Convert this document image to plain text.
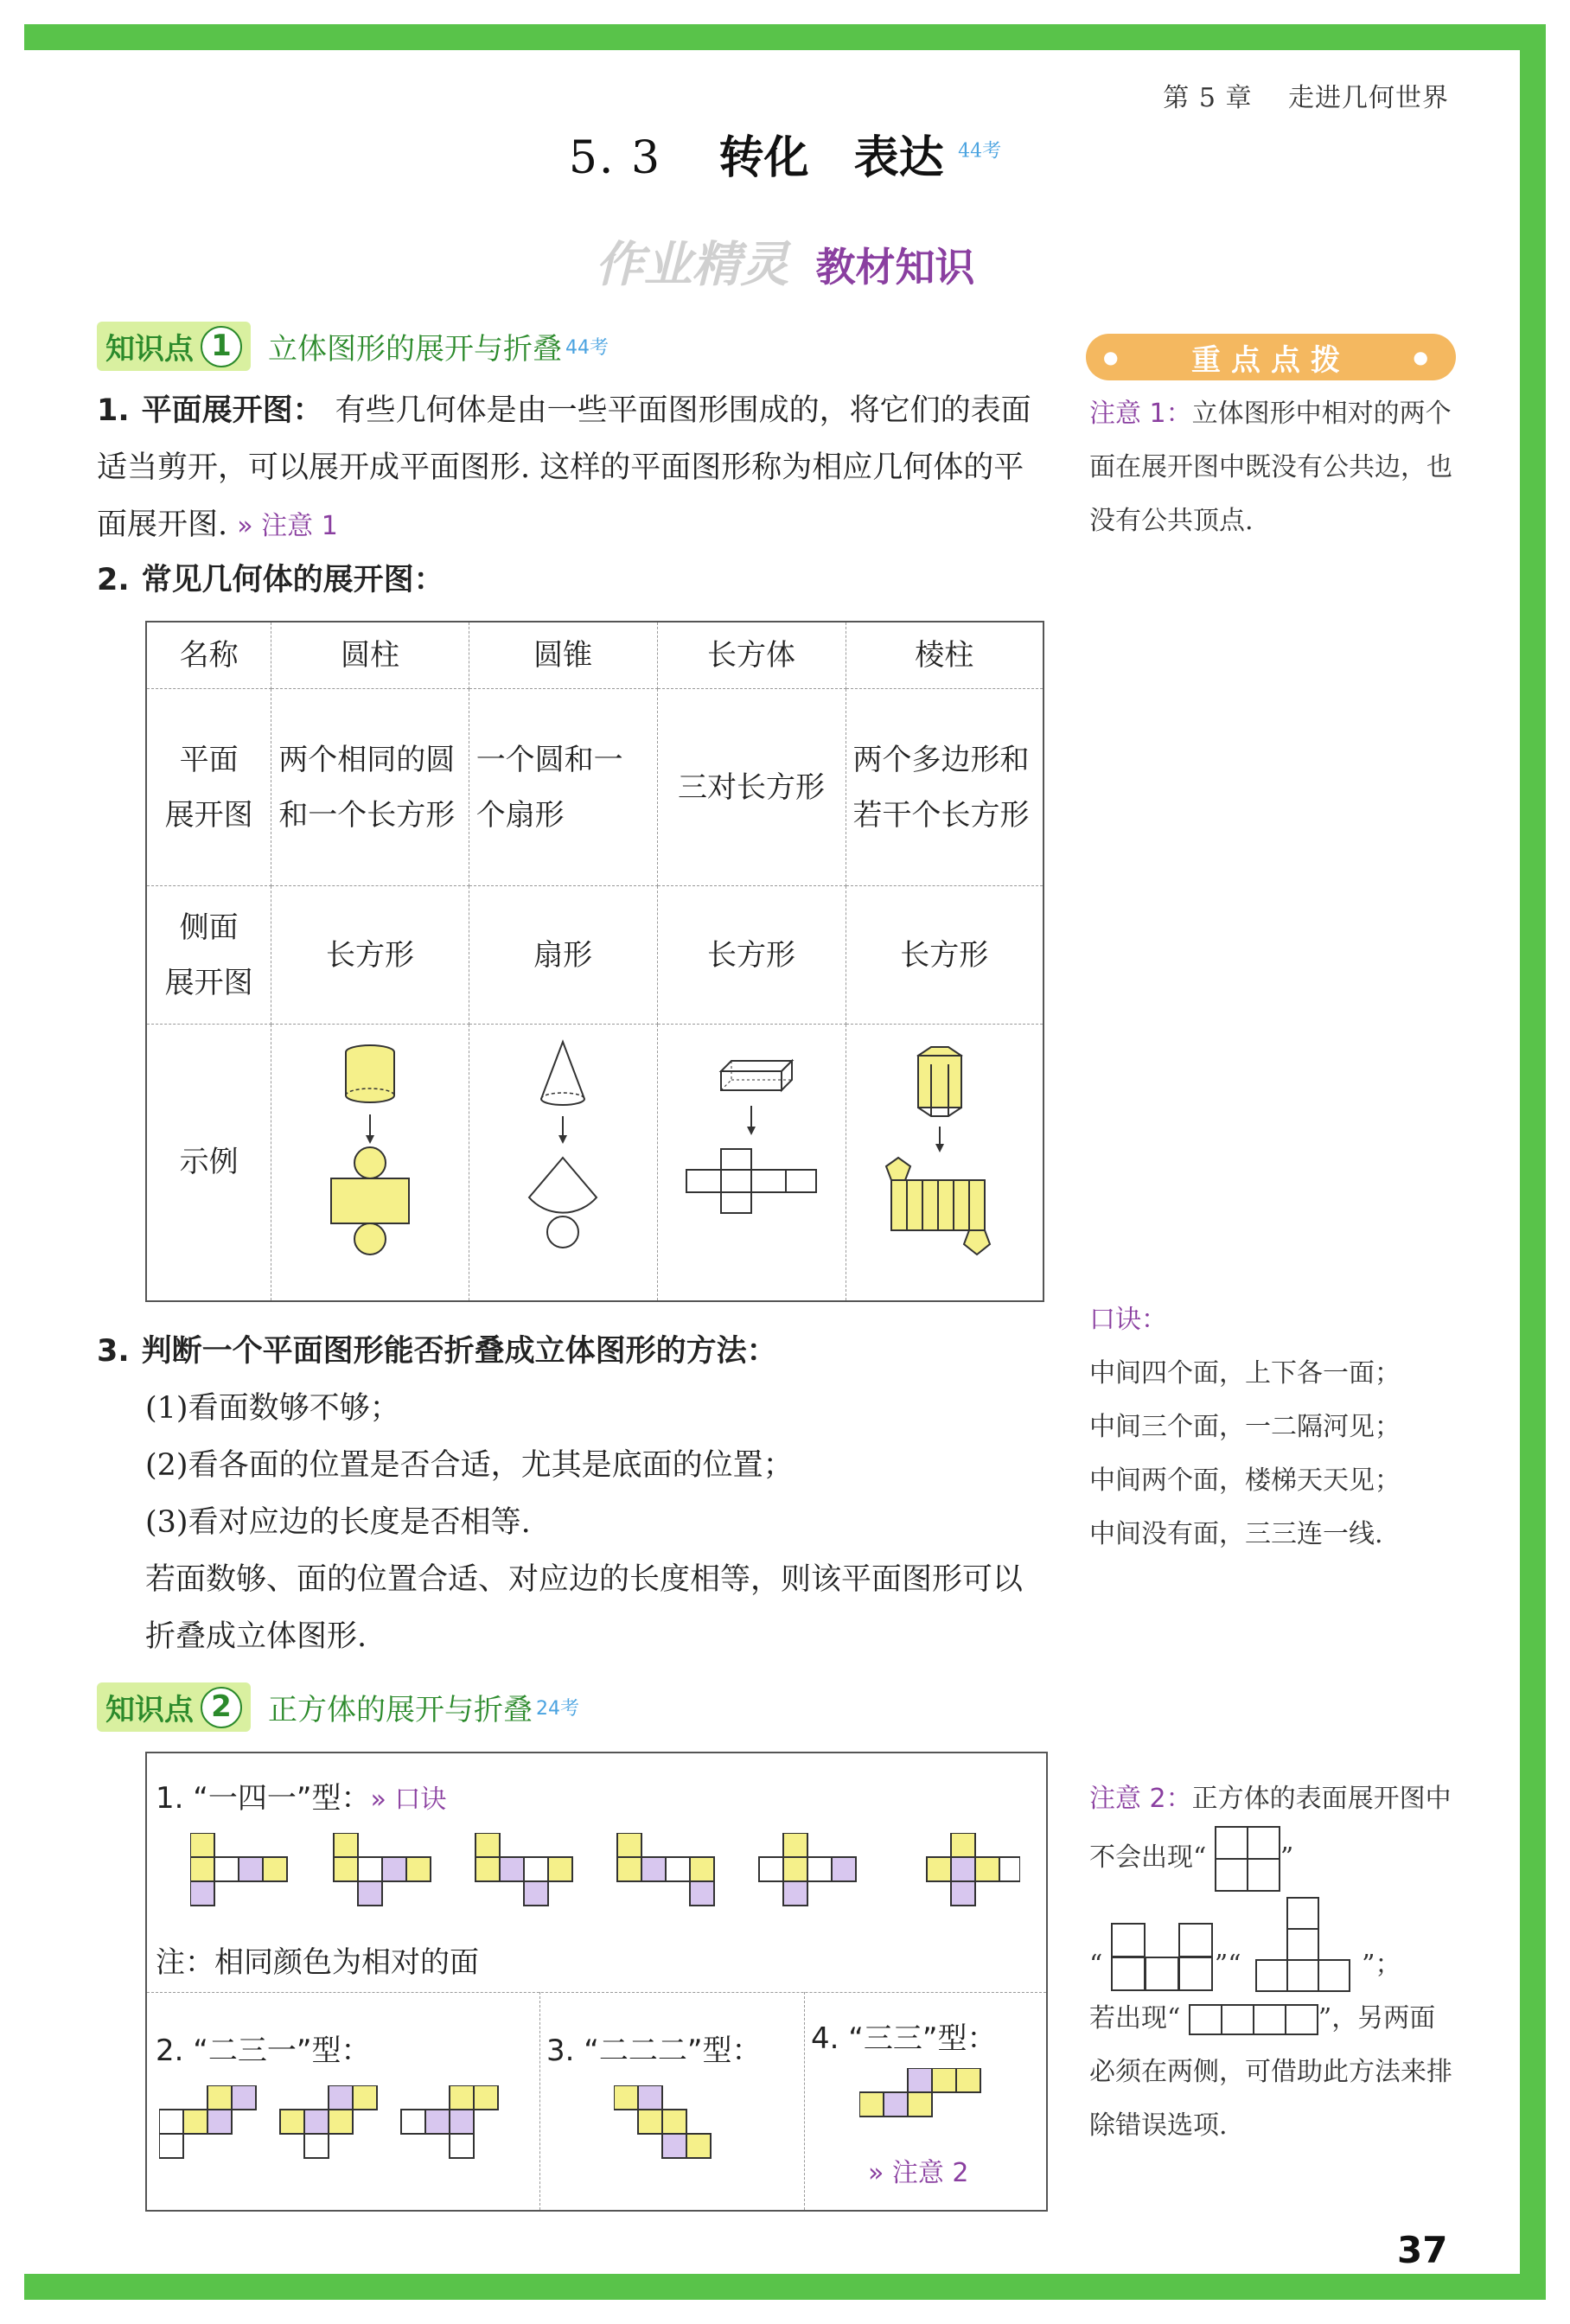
第 5 章　 走进几何世界
5. 3 转化　表达 $^{44考}$
作业精灵 教材知识
知识点 1	立体图形的展开与折叠 44考
1. 平面展开图： 有些几何体是由一些平面图形围成的，将它们的表面适当剪开，可以展开成平面图形. 这样的平面图形称为相应几何体的平面展开图. » 注意 1
2. 常见几何体的展开图：
名称	圆柱	圆锥	长方体	棱柱
平面
展开图	两个相同的圆和一个长方形	一个圆和一个扇形	三对长方形	两个多边形和若干个长方形
侧面
展开图	长方形	扇形	长方形	长方形
示例				
3. 判断一个平面图形能否折叠成立体图形的方法：
(1)看面数够不够；
(2)看各面的位置是否合适，尤其是底面的位置；
(3)看对应边的长度是否相等.

若面数够、面的位置合适、对应边的长度相等，则该平面图形可以折叠成立体图形.
知识点 2	正方体的展开与折叠 24考
1. “一四一”型：» 口诀
注：相同颜色为相对的面
2. “二三一”型：	3. “二二二”型： 4. “三三”型：
» 注意 2
● 重点点拨	●
注意 1：立体图形中相对的两个面在展开图中既没有公共边，也没有公共顶点.
口诀：
中间四个面，上下各一面；
中间三个面，一二隔河见；
中间两个面，楼梯天天见；
中间没有面，三三连一线.
注意 2：正方体的表面展开图中不会出现“	”
“	”“	”；
若出现“	”，另两面必须在两侧，可借助此方法来排除错误选项.
37
